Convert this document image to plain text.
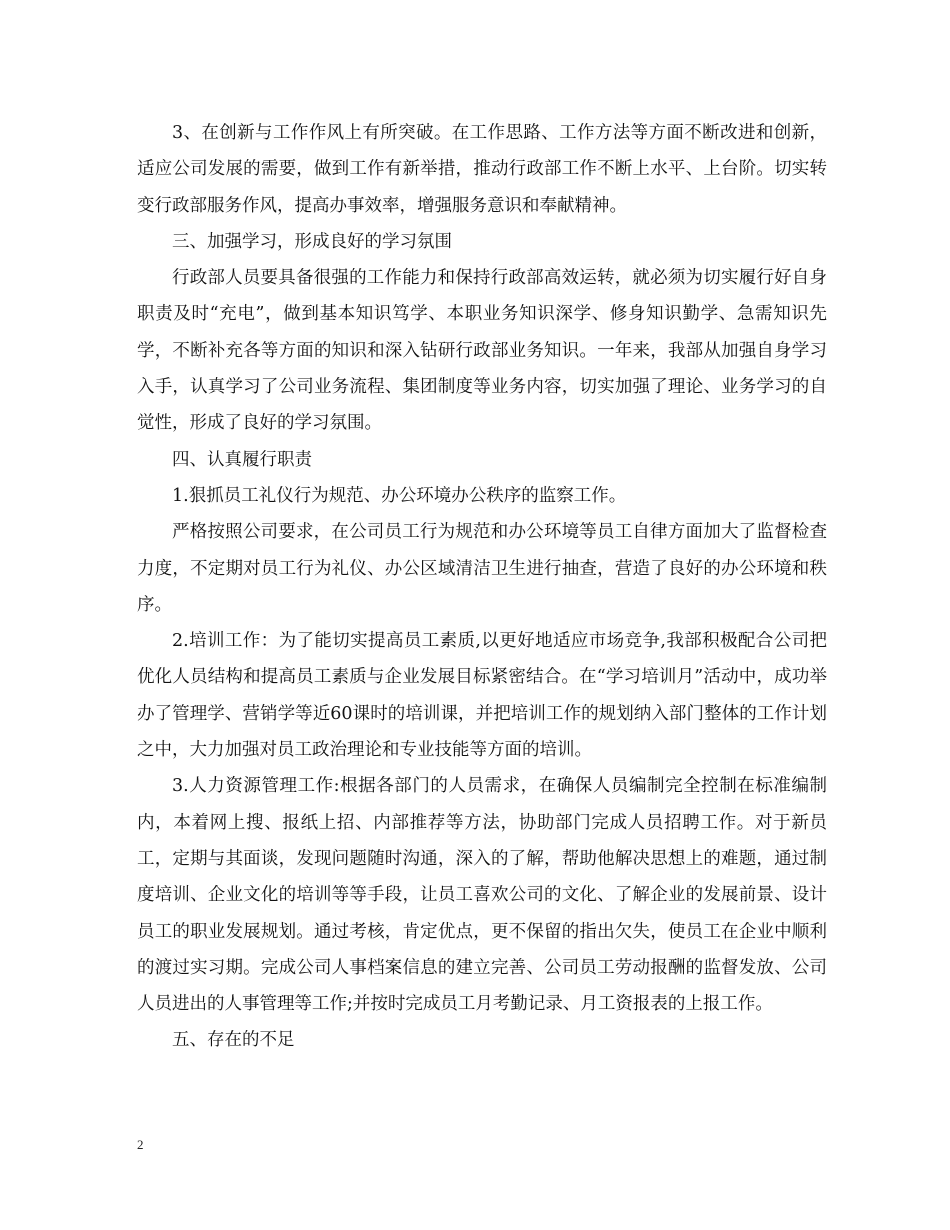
3、在创新与工作作风上有所突破。在工作思路、工作方法等方面不断改进和创新，适应公司发展的需要，做到工作有新举措，推动行政部工作不断上水平、上台阶。切实转变行政部服务作风，提高办事效率，增强服务意识和奉献精神。

三、加强学习，形成良好的学习氛围

行政部人员要具备很强的工作能力和保持行政部高效运转，就必须为切实履行好自身职责及时“充电”，做到基本知识笃学、本职业务知识深学、修身知识勤学、急需知识先学，不断补充各等方面的知识和深入钻研行政部业务知识。一年来，我部从加强自身学习入手，认真学习了公司业务流程、集团制度等业务内容，切实加强了理论、业务学习的自觉性，形成了良好的学习氛围。

四、认真履行职责

1.狠抓员工礼仪行为规范、办公环境办公秩序的监察工作。

严格按照公司要求，在公司员工行为规范和办公环境等员工自律方面加大了监督检查力度，不定期对员工行为礼仪、办公区域清洁卫生进行抽查，营造了良好的办公环境和秩序。

2.培训工作：为了能切实提高员工素质,以更好地适应市场竞争,我部积极配合公司把优化人员结构和提高员工素质与企业发展目标紧密结合。在“学习培训月”活动中，成功举办了管理学、营销学等近60课时的培训课，并把培训工作的规划纳入部门整体的工作计划之中，大力加强对员工政治理论和专业技能等方面的培训。

3.人力资源管理工作:根据各部门的人员需求，在确保人员编制完全控制在标准编制内，本着网上搜、报纸上招、内部推荐等方法，协助部门完成人员招聘工作。对于新员工，定期与其面谈，发现问题随时沟通，深入的了解，帮助他解决思想上的难题，通过制度培训、企业文化的培训等等手段，让员工喜欢公司的文化、了解企业的发展前景、设计员工的职业发展规划。通过考核，肯定优点，更不保留的指出欠失，使员工在企业中顺利的渡过实习期。完成公司人事档案信息的建立完善、公司员工劳动报酬的监督发放、公司人员进出的人事管理等工作;并按时完成员工月考勤记录、月工资报表的上报工作。

五、存在的不足

2
